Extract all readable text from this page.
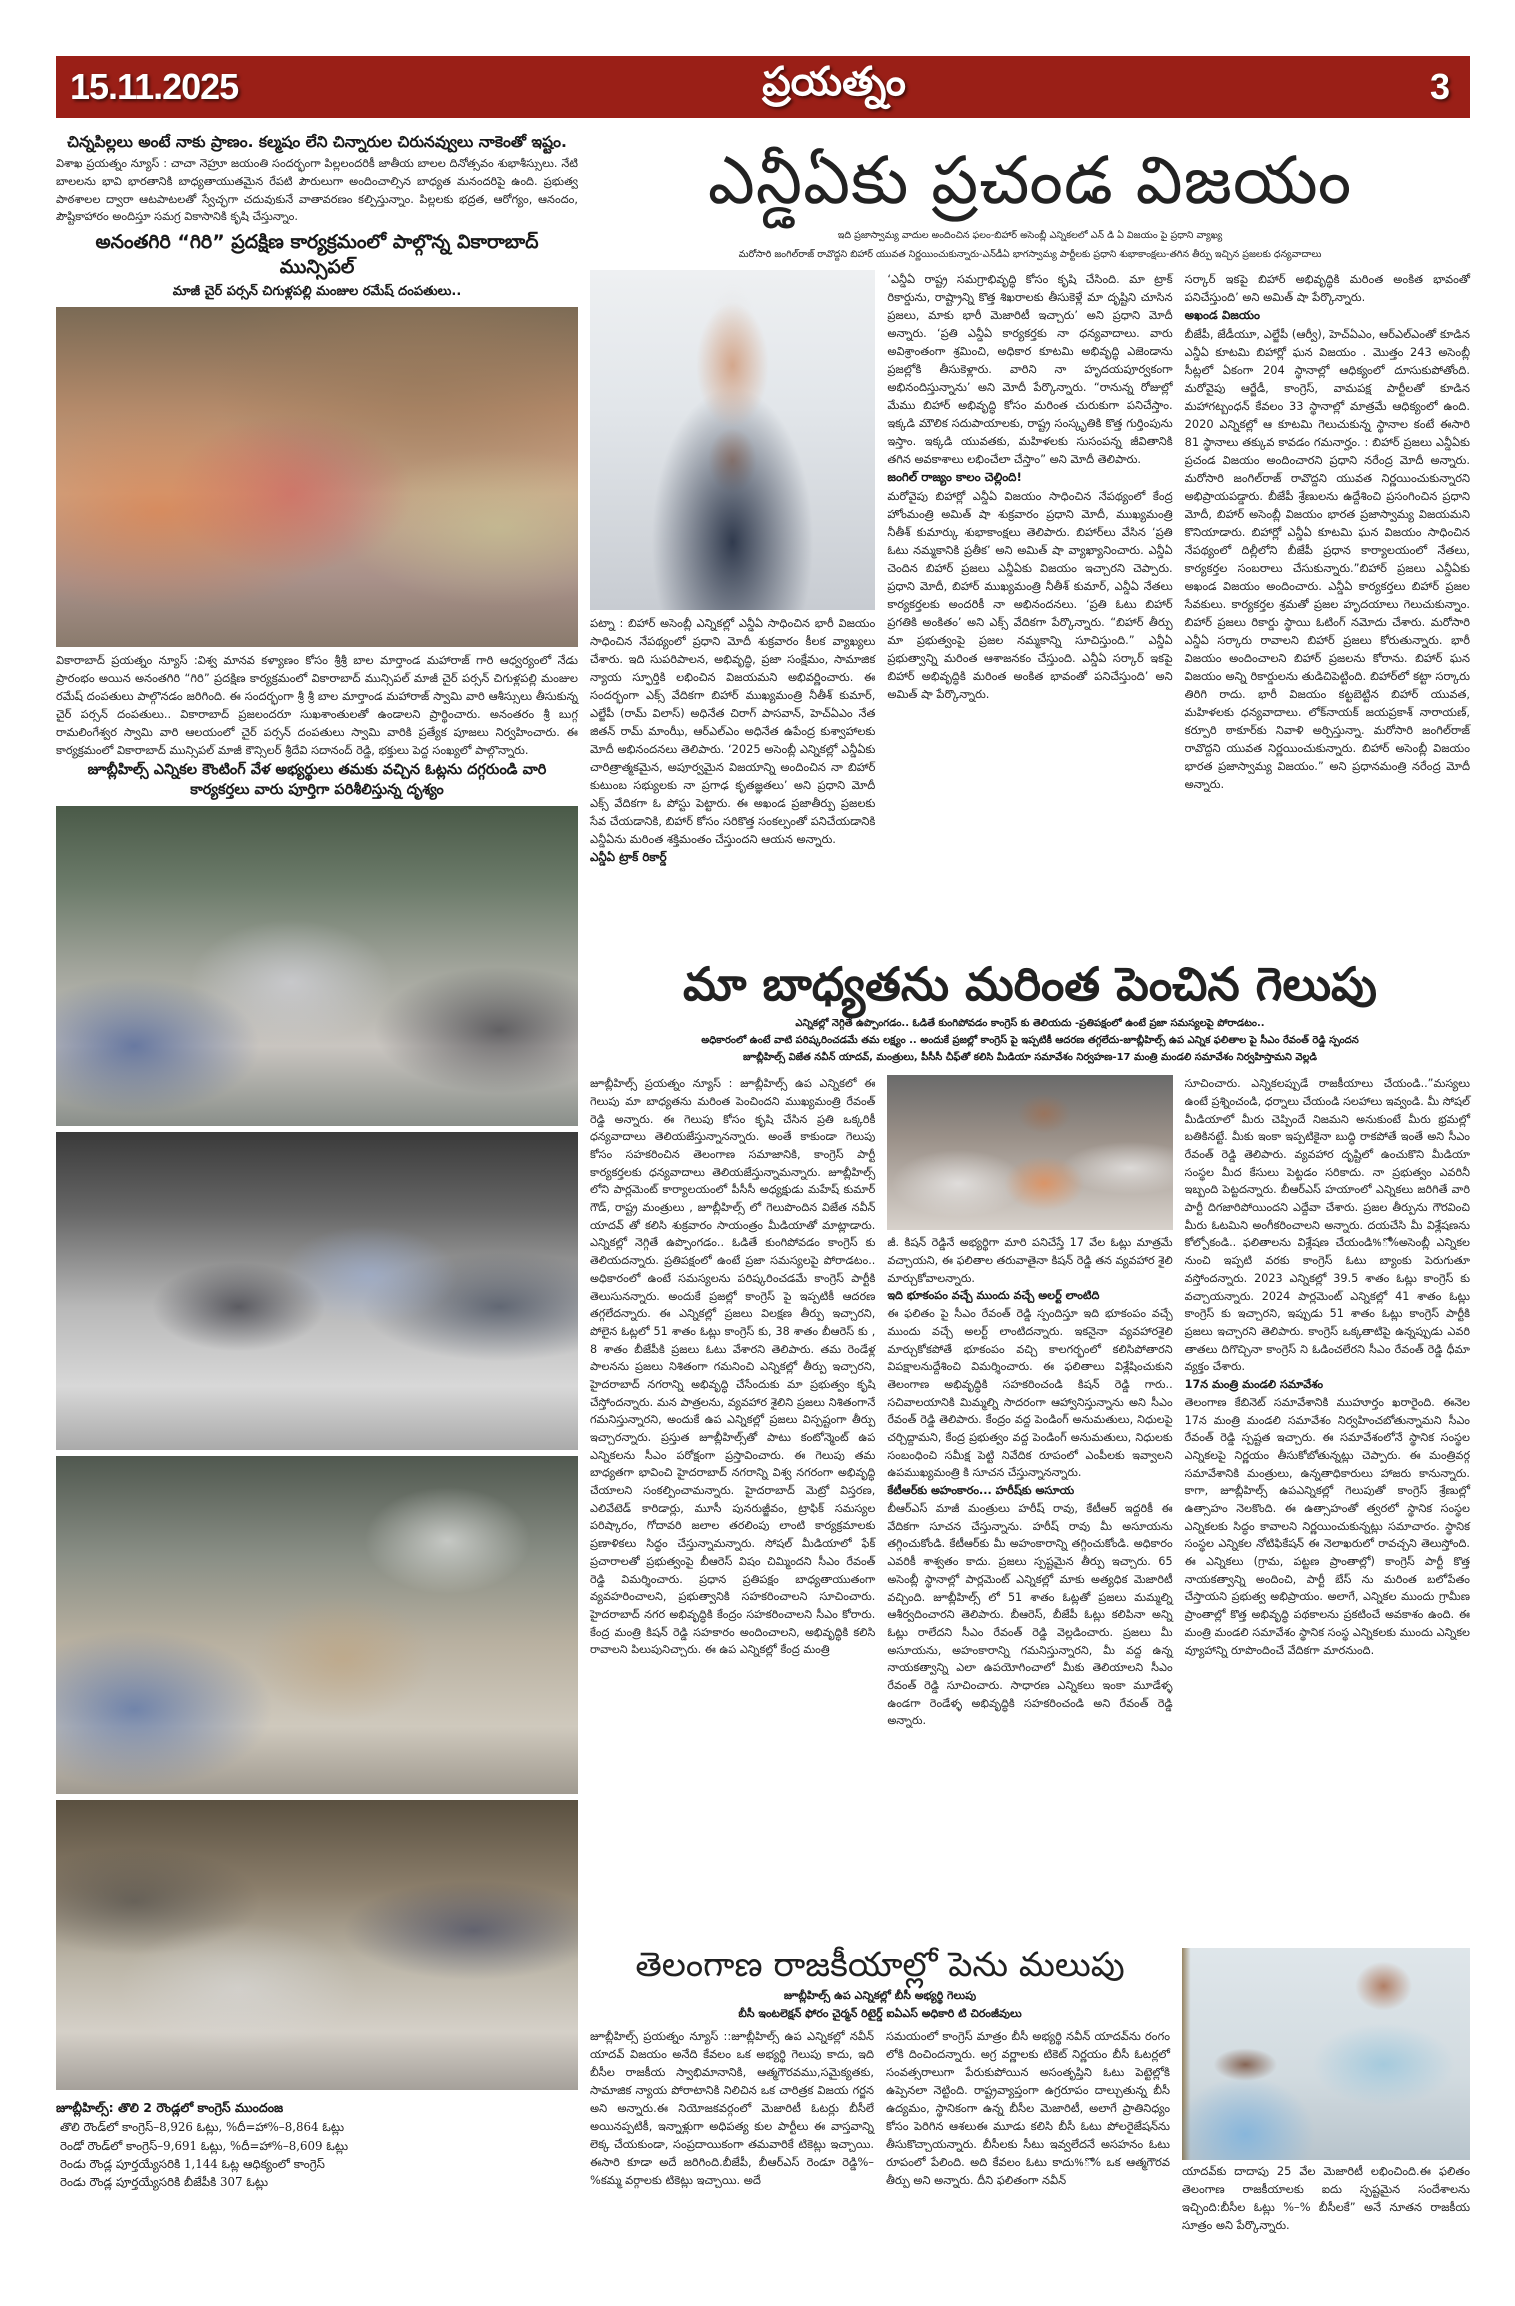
15.11.2025	ప్రయత్నం	3
చిన్నపిల్లలు అంటే నాకు ప్రాణం. కల్మషం లేని చిన్నారుల చిరునవ్వులు నాకెంతో ఇష్టం.
విశాఖ ప్రయత్నం న్యూస్ : చాచా నెహ్రూ జయంతి సందర్భంగా పిల్లలందరికీ జాతీయ బాలల దినోత్సవం శుభాశీస్సులు. నేటి బాలలను భావి భారతానికి బాధ్యతాయుతమైన రేపటి పౌరులుగా అందించాల్సిన బాధ్యత మనందరిపై ఉంది. ప్రభుత్వ పాఠశాలల ద్వారా ఆటపాటలతో స్వేచ్ఛగా చదువుకునే వాతావరణం కల్పిస్తున్నాం. పిల్లలకు భద్రత, ఆరోగ్యం, ఆనందం, పౌష్టికాహారం అందిస్తూ సమగ్ర వికాసానికి కృషి చేస్తున్నాం.
అనంతగిరి “గిరి” ప్రదక్షిణ కార్యక్రమంలో పాల్గొన్న వికారాబాద్ మున్సిపల్
మాజీ చైర్ పర్సన్ చిగుళ్లపల్లి మంజుల రమేష్ దంపతులు..
వికారాబాద్ ప్రయత్నం న్యూస్ :విశ్వ మానవ కళ్యాణం కోసం శ్రీశ్రీ బాల మార్తాండ మహారాజ్ గారి ఆధ్వర్యంలో నేడు ప్రారంభం అయిన అనంతగిరి “గిరి” ప్రదక్షిణ కార్యక్రమంలో వికారాబాద్ మున్సిపల్ మాజీ చైర్ పర్సన్ చిగుళ్లపల్లి మంజుల రమేష్ దంపతులు పాల్గొనడం జరిగింది. ఈ సందర్భంగా శ్రీ శ్రీ బాల మార్తాండ మహారాజ్ స్వామి వారి ఆశీస్సులు తీసుకున్న చైర్ పర్సన్ దంపతులు.. వికారాబాద్ ప్రజలందరూ సుఖశాంతులతో ఉండాలని ప్రార్థించారు. అనంతరం శ్రీ బుగ్గ రామలింగేశ్వర స్వామి వారి ఆలయంలో చైర్ పర్సన్ దంపతులు స్వామి వారికి ప్రత్యేక పూజలు నిర్వహించారు. ఈ కార్యక్రమంలో వికారాబాద్ మున్సిపల్ మాజీ కౌన్సిలర్ శ్రీదేవి సదానంద్ రెడ్డి, భక్తులు పెద్ద సంఖ్యలో పాల్గొన్నారు.
జూబ్లీహిల్స్ ఎన్నికల కౌంటింగ్ వేళ అభ్యర్థులు తమకు వచ్చిన ఓట్లను దగ్గరుండి వారి కార్యకర్తలు వారు పూర్తిగా పరిశీలిస్తున్న దృశ్యం
జూబ్లీహిల్స్: తొలి 2 రౌండ్లలో కాంగ్రెస్ ముందంజ
తొలి రౌండ్‌లో కాంగ్రెస్–8,926 ఓట్లు, %దీ=హా%–8,864 ఓట్లు
రెండో రౌండ్‌లో కాంగ్రెస్–9,691 ఓట్లు, %దీ=హా%–8,609 ఓట్లు
రెండు రౌండ్ల పూర్తయ్యేసరికి 1,144 ఓట్ల ఆధిక్యంలో కాంగ్రెస్
రెండు రౌండ్ల పూర్తయ్యేసరికి బీజేపీకి 307 ఓట్లు
ఎన్డీఏకు ప్రచండ విజయం
ఇది ప్రజాస్వామ్య వాదుల అందించిన ఫలం-బిహార్ అసెంబ్లీ ఎన్నికలలో ఎన్ డి ఏ విజయం పై ప్రధాని వ్యాఖ్య
మరోసారి జంగిల్‌రాజ్ రావొద్దని బిహార్ యువత నిర్ణయించుకున్నారు-ఎన్‌డీఏ భాగస్వామ్య పార్టీలకు ప్రధాని శుభాకాంక్షలు-తగిన తీర్పు ఇచ్చిన ప్రజలకు ధన్యవాదాలు
పట్నా : బిహార్ అసెంబ్లీ ఎన్నికల్లో ఎన్డీఏ సాధించిన భారీ విజయం సాధించిన నేపథ్యంలో ప్రధాని మోదీ శుక్రవారం కీలక వ్యాఖ్యలు చేశారు. ఇది సుపరిపాలన, అభివృద్ధి, ప్రజా సంక్షేమం, సామాజిక న్యాయ స్ఫూర్తికి లభించిన విజయమని అభివర్ణించారు. ఈ సందర్భంగా ఎక్స్ వేదికగా బిహార్ ముఖ్యమంత్రి నీతీశ్ కుమార్, ఎల్జేపీ (రామ్ విలాస్) అధినేత చిరాగ్ పాసవాన్, హెచ్‌ఏఎం నేత జితన్ రామ్ మాంఝీ, ఆర్‌ఎల్‌ఎం అధినేత ఉపేంద్ర కుశ్వాహాలకు మోదీ అభినందనలు తెలిపారు. ‘2025 అసెంబ్లీ ఎన్నికల్లో ఎన్డీఏకు చారిత్రాత్మకమైన, అపూర్వమైన విజయాన్ని అందించిన నా బిహార్ కుటుంబ సభ్యులకు నా ప్రగాఢ కృతజ్ఞతలు’ అని ప్రధాని మోదీ ఎక్స్ వేదికగా ఓ పోస్టు పెట్టారు. ఈ అఖండ ప్రజాతీర్పు ప్రజలకు సేవ చేయడానికి, బిహార్ కోసం సరికొత్త సంకల్పంతో పనిచేయడానికి ఎన్డీఏను మరింత శక్తిమంతం చేస్తుందని ఆయన అన్నారు.
ఎన్డీఏ ట్రాక్ రికార్డ్
‘ఎన్డీఏ రాష్ట్ర సమగ్రాభివృద్ధి కోసం కృషి చేసింది. మా ట్రాక్ రికార్డును, రాష్ట్రాన్ని కొత్త శిఖరాలకు తీసుకెళ్లే మా దృష్టిని చూసిన ప్రజలు, మాకు భారీ మెజారిటీ ఇచ్చారు’ అని ప్రధాని మోదీ అన్నారు. ‘ప్రతి ఎన్డీఏ కార్యకర్తకు నా ధన్యవాదాలు. వారు అవిశ్రాంతంగా శ్రమించి, అధికార కూటమి అభివృద్ధి ఎజెండాను ప్రజల్లోకి తీసుకెళ్లారు. వారిని నా హృదయపూర్వకంగా అభినందిస్తున్నాను’ అని మోదీ పేర్కొన్నారు. “రానున్న రోజుల్లో మేము బిహార్ అభివృద్ధి కోసం మరింత చురుకుగా పనిచేస్తాం. ఇక్కడి మౌలిక సదుపాయాలకు, రాష్ట్ర సంస్కృతికి కొత్త గుర్తింపును ఇస్తాం. ఇక్కడి యువతకు, మహిళలకు సుసంపన్న జీవితానికి తగిన అవకాశాలు లభించేలా చేస్తాం” అని మోదీ తెలిపారు.
జంగిల్ రాజ్యం కాలం చెల్లింది!
మరోవైపు బిహార్లో ఎన్డీఏ విజయం సాధించిన నేపథ్యంలో కేంద్ర హోంమంత్రి అమిత్ షా శుక్రవారం ప్రధాని మోదీ, ముఖ్యమంత్రి నీతీశ్ కుమార్కు శుభాకాంక్షలు తెలిపారు. బిహార్‌లు వేసిన ‘ప్రతి ఓటు నమ్మకానికి ప్రతీక’ అని అమిత్ షా వ్యాఖ్యానించారు. ఎన్డీఏ చెందిన బిహార్ ప్రజలు ఎన్డీఏకు విజయం ఇచ్చారని చెప్పారు. ప్రధాని మోదీ, బిహార్ ముఖ్యమంత్రి నీతీశ్ కుమార్, ఎన్డీఏ నేతలు కార్యకర్తలకు అందరికీ నా అభినందనలు. ‘ప్రతి ఓటు బిహార్ ప్రగతికి అంకితం’ అని ఎక్స్ వేదికగా పేర్కొన్నారు. “బిహార్ తీర్పు మా ప్రభుత్వంపై ప్రజల నమ్మకాన్ని సూచిస్తుంది.” ఎన్డీఏ ప్రభుత్వాన్ని మరింత ఆశాజనకం చేస్తుంది. ఎన్డీఏ సర్కార్ ఇకపై బిహార్ అభివృద్ధికి మరింత అంకిత భావంతో పనిచేస్తుంది’ అని అమిత్ షా పేర్కొన్నారు.
సర్కార్ ఇకపై బిహార్ అభివృద్ధికి మరింత అంకిత భావంతో పనిచేస్తుంది’ అని అమిత్ షా పేర్కొన్నారు.
అఖండ విజయం
బీజేపీ, జేడీయూ, ఎల్జేపీ (ఆర్వీ), హెచ్‌ఏఎం, ఆర్‌ఎల్‌ఎంతో కూడిన ఎన్డీఏ కూటమి బిహార్లో ఘన విజయం . మొత్తం 243 అసెంబ్లీ సీట్లలో ఏకంగా 204 స్థానాల్లో ఆధిక్యంలో దూసుకుపోతోంది. మరోవైపు ఆర్జేడీ, కాంగ్రెస్, వామపక్ష పార్టీలతో కూడిన మహాగట్బంధన్ కేవలం 33 స్థానాల్లో మాత్రమే ఆధిక్యంలో ఉంది. 2020 ఎన్నికల్లో ఆ కూటమి గెలుచుకున్న స్థానాల కంటే ఈసారి 81 స్థానాలు తక్కువ కావడం గమనార్హం. : బిహార్ ప్రజలు ఎన్డీఏకు ప్రచండ విజయం అందించారని ప్రధాని నరేంద్ర మోదీ అన్నారు. మరోసారి జంగిల్‌రాజ్ రావొద్దని యువత నిర్ణయించుకున్నారని అభిప్రాయపడ్డారు. బీజేపీ శ్రేణులను ఉద్దేశించి ప్రసంగించిన ప్రధాని మోదీ, బిహార్ అసెంబ్లీ విజయం భారత ప్రజాస్వామ్య విజయమని కొనియాడారు. బిహార్లో ఎన్డీఏ కూటమి ఘన విజయం సాధించిన నేపథ్యంలో దిల్లీలోని బీజేపీ ప్రధాన కార్యాలయంలో నేతలు, కార్యకర్తల సంబరాలు చేసుకున్నారు.”బిహార్ ప్రజలు ఎన్డీఏకు అఖండ విజయం అందించారు. ఎన్డీఏ కార్యకర్తలు బిహార్ ప్రజల సేవకులు. కార్యకర్తల శ్రమతో ప్రజల హృదయాలు గెలుచుకున్నాం. బిహార్ ప్రజలు రికార్డు స్థాయి ఓటింగ్ నమోదు చేశారు. మరోసారి ఎన్డీఏ సర్కారు రావాలని బిహార్ ప్రజలు కోరుతున్నారు. భారీ విజయం అందించాలని బిహార్ ప్రజలను కోరాను. బిహార్ ఘన విజయం అన్ని రికార్డులను తుడిచిపెట్టింది. బిహార్‌లో కట్టా సర్కారు తిరిగి రాదు. భారీ విజయం కట్టబెట్టిన బిహార్ యువత, మహిళలకు ధన్యవాదాలు. లోక్‌నాయక్ జయప్రకాశ్ నారాయణ్, కర్పూరి ఠాకూర్‌కు నివాళి అర్పిస్తున్నా. మరోసారి జంగిల్‌రాజ్ రావొద్దని యువత నిర్ణయించుకున్నారు. బిహార్ అసెంబ్లీ విజయం భారత ప్రజాస్వామ్య విజయం.” అని ప్రధానమంత్రి నరేంద్ర మోదీ అన్నారు.
మా బాధ్యతను మరింత పెంచిన గెలుపు
ఎన్నికల్లో నెగ్గితే ఉప్పొంగడం.. ఓడితే కుంగిపోవడం కాంగ్రెస్ కు తెలియదు -ప్రతిపక్షంలో ఉంటే ప్రజా సమస్యలపై పోరాడటం..
అధికారంలో ఉంటే వాటి పరిష్కరించడమే తమ లక్ష్యం .. అందుకే ప్రజల్లో కాంగ్రెస్ పై ఇప్పటికీ ఆదరణ తగ్గలేదు-జూబ్లీహిల్స్ ఉప ఎన్నిక ఫలితాల పై సీఎం రేవంత్ రెడ్డి స్పందన
జూబ్లీహిల్స్ విజేత నవీన్ యాదవ్, మంత్రులు, పీసీసీ చీఫ్‌తో కలిసి మీడియా సమావేశం నిర్వహణ-17 మంత్రి మండలి సమావేశం నిర్వహిస్తామని వెల్లడి
జూబ్లీహిల్స్ ప్రయత్నం న్యూస్ : జూబ్లీహిల్స్ ఉప ఎన్నికలో ఈ గెలుపు మా బాధ్యతను మరింత పెంచిందని ముఖ్యమంత్రి రేవంత్ రెడ్డి అన్నారు. ఈ గెలుపు కోసం కృషి చేసిన ప్రతి ఒక్కరికీ ధన్యవాదాలు తెలియజేస్తున్నానన్నారు. అంతే కాకుండా గెలుపు కోసం సహకరించిన తెలంగాణ సమాజానికి, కాంగ్రెస్ పార్టీ కార్యకర్తలకు ధన్యవాదాలు తెలియజేస్తున్నామన్నారు. జూబ్లీహిల్స్ లోని పార్లమెంట్ కార్యాలయంలో పీసీసీ అధ్యక్షుడు మహేష్ కుమార్ గౌడ్, రాష్ట్ర మంత్రులు , జూబ్లీహిల్స్ లో గెలుపొందిన విజేత నవీన్ యాదవ్ తో కలిసి శుక్రవారం సాయంత్రం మీడియాతో మాట్లాడారు. ఎన్నికల్లో నెగ్గితే ఉప్పొంగడం.. ఓడితే కుంగిపోవడం కాంగ్రెస్ కు తెలియదన్నారు. ప్రతిపక్షంలో ఉంటే ప్రజా సమస్యలపై పోరాడటం.. అధికారంలో ఉంటే సమస్యలను పరిష్కరించడమే కాంగ్రెస్ పార్టీకి తెలుసునన్నారు. అందుకే ప్రజల్లో కాంగ్రెస్ పై ఇప్పటికీ ఆదరణ తగ్గలేదన్నారు. ఈ ఎన్నికల్లో ప్రజలు విలక్షణ తీర్పు ఇచ్చారని, పోలైన ఓట్లలో 51 శాతం ఓట్లు కాంగ్రెస్ కు, 38 శాతం బీఆరెస్ కు , 8 శాతం బీజేపీకి ప్రజలు ఓటు వేశారని తెలిపారు. తమ రెండేళ్ల పాలనను ప్రజలు నిశితంగా గమనించి ఎన్నికల్లో తీర్పు ఇచ్చారని, హైదరాబాద్ నగరాన్ని అభివృద్ధి చేసేందుకు మా ప్రభుత్వం కృషి చేస్తోందన్నారు. మన పాత్రలను, వ్యవహార శైలిని ప్రజలు నిశితంగానే గమనిస్తున్నారని, అందుకే ఉప ఎన్నికల్లో ప్రజలు విస్పష్టంగా తీర్పు ఇచ్చారన్నారు. ప్రస్తుత జూబ్లీహిల్స్‌తో పాటు కంటోన్మెంట్ ఉప ఎన్నికలను సీఎం పరోక్షంగా ప్రస్తావించారు. ఈ గెలుపు తమ బాధ్యతగా భావించి హైదరాబాద్ నగరాన్ని విశ్వ నగరంగా అభివృద్ధి చేయాలని సంకల్పించామన్నారు. హైదరాబాద్ మెట్రో విస్తరణ, ఎలివేటెడ్ కారిడార్లు, మూసీ పునరుజ్జీవం, ట్రాఫిక్ సమస్యల పరిష్కారం, గోదావరి జలాల తరలింపు లాంటి కార్యక్రమాలకు ప్రణాళికలు సిద్ధం చేస్తున్నామన్నారు. సోషల్ మీడియాలో ఫేక్ ప్రచారాలతో ప్రభుత్వంపై బీఆరెస్ విషం చిమ్మిందని సీఎం రేవంత్ రెడ్డి విమర్శించారు. ప్రధాన ప్రతిపక్షం బాధ్యతాయుతంగా వ్యవహరించాలని, ప్రభుత్వానికి సహకరించాలని సూచించారు. హైదరాబాద్ నగర అభివృద్ధికి కేంద్రం సహకరించాలని సీఎం కోరారు. కేంద్ర మంత్రి కిషన్ రెడ్డి సహకారం అందించాలని, అభివృద్ధికి కలిసి రావాలని పిలుపునిచ్చారు. ఈ ఉప ఎన్నికల్లో కేంద్ర మంత్రి
జీ. కిషన్ రెడ్డినే అభ్యర్థిగా మారి పనిచేస్తే 17 వేల ఓట్లు మాత్రమే వచ్చాయని, ఈ ఫలితాల తరువాతైనా కిషన్ రెడ్డి తన వ్యవహార శైలి మార్చుకోవాలన్నారు.
ఇది భూకంపం వచ్చే ముందు వచ్చే అలర్ట్ లాంటిది
ఈ ఫలితం పై సీఎం రేవంత్ రెడ్డి స్పందిస్తూ ఇది భూకంపం వచ్చే ముందు వచ్చే అలర్ట్ లాంటిదన్నారు. ఇకనైనా వ్యవహారశైలి మార్చుకోకపోతే భూకంపం వచ్చి కాలగర్భంలో కలిసిపోతారని విపక్షాలనుద్దేశించి విమర్శించారు. ఈ ఫలితాలు విశ్లేషించుకుని తెలంగాణ అభివృద్ధికి సహకరించండి కిషన్ రెడ్డి గారు.. సచివాలయానికి మిమ్మల్ని సాదరంగా ఆహ్వానిస్తున్నాను అని సీఎం రేవంత్ రెడ్డి తెలిపారు. కేంద్రం వద్ద పెండింగ్ అనుమతులు, నిధులపై చర్చిద్దామని, కేంద్ర ప్రభుత్వం వద్ద పెండింగ్ అనుమతులు, నిధులకు సంబంధించి సమీక్ష పెట్టి నివేదిక రూపంలో ఎంపీలకు ఇవ్వాలని ఉపముఖ్యమంత్రి కి సూచన చేస్తున్నానన్నారు.
కేటీఆర్‌కు అహంకారం... హరీష్‌కు అసూయ
బీఆర్ఎస్ మాజీ మంత్రులు హరీష్ రావు, కేటీఆర్ ఇద్దరికీ ఈ వేదికగా సూచన చేస్తున్నాను. హరీష్ రావు మీ అసూయను తగ్గించుకోండి. కేటీఆర్‌కు మీ అహంకారాన్ని తగ్గించుకోండి. అధికారం ఎవరికీ శాశ్వతం కాదు. ప్రజలు స్పష్టమైన తీర్పు ఇచ్చారు. 65 అసెంబ్లీ స్థానాల్లో పార్లమెంట్ ఎన్నికల్లో మాకు అత్యధిక మెజారిటీ వచ్చింది. జూబ్లీహిల్స్ లో 51 శాతం ఓట్లతో ప్రజలు మమ్మల్ని ఆశీర్వదించారని తెలిపారు. బీఆరెస్, బీజేపీ ఓట్లు కలిపినా అన్ని ఓట్లు రాలేదని సీఎం రేవంత్ రెడ్డి వెల్లడించారు. ప్రజలు మీ అసూయను, అహంకారాన్ని గమనిస్తున్నారని, మీ వద్ద ఉన్న నాయకత్వాన్ని ఎలా ఉపయోగించాలో మీకు తెలియాలని సీఎం రేవంత్ రెడ్డి సూచించారు. సాధారణ ఎన్నికలు ఇంకా మూడేళ్ళ ఉండగా రెండేళ్ళ అభివృద్ధికి సహకరించండి అని రేవంత్ రెడ్డి అన్నారు.
సూచించారు. ఎన్నికలప్పుడే రాజకీయాలు చేయండి..”మస్యలు ఉంటే ప్రశ్నించండి, ధర్నాలు చేయండి సలహాలు ఇవ్వండి. మీ సోషల్ మీడియాలో మీరు చెప్పిందే నిజమని అనుకుంటే మీరు భ్రమల్లో బతికినట్టే. మీకు ఇంకా ఇప్పటికైనా బుద్ధి రాకపోతే ఇంతే అని సీఎం రేవంత్ రెడ్డి తెలిపారు. వ్యవహార దృష్టిలో ఉంచుకొని మీడియా సంస్థల మీద కేసులు పెట్టడం సరికాదు. నా ప్రభుత్వం ఎవరినీ ఇబ్బంది పెట్టదన్నారు. బీఆర్ఎస్ హయాంలో ఎన్నికలు జరిగితే వారి పార్టీ దిగజారిపోయిందని ఎద్దేవా చేశారు. ప్రజల తీర్పును గౌరవించి మీరు ఓటమిని అంగీకరించాలని అన్నారు. దయచేసి మీ విశ్లేషణను కోల్పోకండి.. ఫలితాలను విశ్లేషణ చేయండి%ో%అసెంబ్లీ ఎన్నికల నుంచి ఇప్పటి వరకు కాంగ్రెస్ ఓటు బ్యాంకు పెరుగుతూ వస్తోందన్నారు. 2023 ఎన్నికల్లో 39.5 శాతం ఓట్లు కాంగ్రెస్ కు వచ్చాయన్నారు. 2024 పార్లమెంట్ ఎన్నికల్లో 41 శాతం ఓట్లు కాంగ్రెస్ కు ఇచ్చారని, ఇప్పుడు 51 శాతం ఓట్లు కాంగ్రెస్ పార్టీకి ప్రజలు ఇచ్చారని తెలిపారు. కాంగ్రెస్ ఒక్కతాటిపై ఉన్నప్పుడు ఎవరి తాతలు దిగొచ్చినా కాంగ్రెస్ ని ఓడించలేరని సీఎం రేవంత్ రెడ్డి ధీమా వ్యక్తం చేశారు.
17న మంత్రి మండలి సమావేశం
తెలంగాణ కేబినెట్ సమావేశానికి ముహూర్తం ఖరారైంది. ఈనెల 17న మంత్రి మండలి సమావేశం నిర్వహించబోతున్నామని సీఎం రేవంత్ రెడ్డి స్పష్టత ఇచ్చారు. ఈ సమావేశంలోనే స్థానిక సంస్థల ఎన్నికలపై నిర్ణయం తీసుకోబోతున్నట్లు చెప్పారు. ఈ మంత్రివర్గ సమావేశానికి మంత్రులు, ఉన్నతాధికారులు హాజరు కానున్నారు. కాగా, జూబ్లీహిల్స్ ఉపఎన్నికల్లో గెలుపుతో కాంగ్రెస్ శ్రేణుల్లో ఉత్సాహం నెలకొంది. ఈ ఉత్సాహంతో త్వరలో స్థానిక సంస్థల ఎన్నికలకు సిద్ధం కావాలని నిర్ణయించుకున్నట్లు సమాచారం. స్థానిక సంస్థల ఎన్నికల నోటిఫికేషన్ ఈ నెలాఖరులో రావచ్చని తెలుస్తోంది. ఈ ఎన్నికలు (గ్రామ, పట్టణ ప్రాంతాల్లో) కాంగ్రెస్ పార్టీ కొత్త నాయకత్వాన్ని అందించి, పార్టీ బేస్ ను మరింత బలోపేతం చేస్తాయని ప్రభుత్వ అభిప్రాయం. అలాగే, ఎన్నికల ముందు గ్రామీణ ప్రాంతాల్లో కొత్త అభివృద్ధి పథకాలను ప్రకటించే అవకాశం ఉంది. ఈ మంత్రి మండలి సమావేశం స్థానిక సంస్థ ఎన్నికలకు ముందు ఎన్నికల వ్యూహాన్ని రూపొందించే వేదికగా మారనుంది.
తెలంగాణ రాజకీయాల్లో పెను మలుపు
జూబ్లీహిల్స్ ఉప ఎన్నికల్లో బీసీ అభ్యర్థి గెలుపు
బీసీ ఇంటలెక్షన్ ఫోరం చైర్మన్ రిటైర్డ్ ఐఏఎస్ అధికారి టి చిరంజీవులు
జూబ్లీహిల్స్ ప్రయత్నం న్యూస్ ::జూబ్లీహిల్స్ ఉప ఎన్నికల్లో నవీన్ యాదవ్ విజయం అనేది కేవలం ఒక అభ్యర్థి గెలుపు కాదు, ఇది బీసీల రాజకీయ స్వాభిమానానికి, ఆత్మగౌరవము,సమైక్యతకు, సామాజిక న్యాయ పోరాటానికి నిలిచిన ఒక చారిత్రక విజయ గర్జన అని అన్నారు.ఈ నియోజకవర్గంలో మెజారిటీ ఓటర్లు బీసీలే అయినప్పటికీ, ఇన్నాళ్లుగా అధిపత్య కుల పార్టీలు ఈ వాస్తవాన్ని లెక్క చేయకుండా, సంప్రదాయికంగా తమవారికే టికెట్లు ఇచ్చాయి. ఈసారి కూడా అదే జరిగింది.బీజేపీ, బీఆర్ఎస్ రెండూ రెడ్డి%–%కమ్మ వర్గాలకు టికెట్లు ఇచ్చాయి. అదే
సమయంలో కాంగ్రెస్ మాత్రం బీసీ అభ్యర్థి నవీన్ యాదవ్‌ను రంగం లోకి దించిందన్నారు. అగ్ర వర్ణాలకు టికెట్ నిర్ణయం బీసీ ఓటర్లలో సంవత్సరాలుగా పేరుకుపోయిన అసంతృప్తిని ఓటు పెట్టెల్లోకి ఉప్పెనలా నెట్టింది. రాష్ట్రవ్యాప్తంగా ఉగ్రరూపం దాల్చుతున్న బీసీ ఉద్యమం, స్థానికంగా ఉన్న బీసీల మెజారిటీ, అలాగే ప్రాతినిధ్యం కోసం పెరిగిన ఆశలుఈ మూడు కలిసి బీసీ ఓటు పోలరైజేషన్‌ను తీసుకొచ్చాయన్నారు. బీసీలకు సీటు ఇవ్వలేదనే అసహనం ఓటు రూపంలో పేలింది. అది కేవలం ఓటు కాదు%ొ% ఒక ఆత్మగౌరవ తీర్పు అని అన్నారు. దీని ఫలితంగా నవీన్
యాదవ్‌కు దాదాపు 25 వేల మెజారిటీ లభించింది.ఈ ఫలితం తెలంగాణ రాజకీయాలకు ఐదు స్పష్టమైన సందేశాలను ఇచ్చింది:బీసీల ఓట్లు %–% బీసీలకే” అనే నూతన రాజకీయ సూత్రం అని పేర్కొన్నారు.
